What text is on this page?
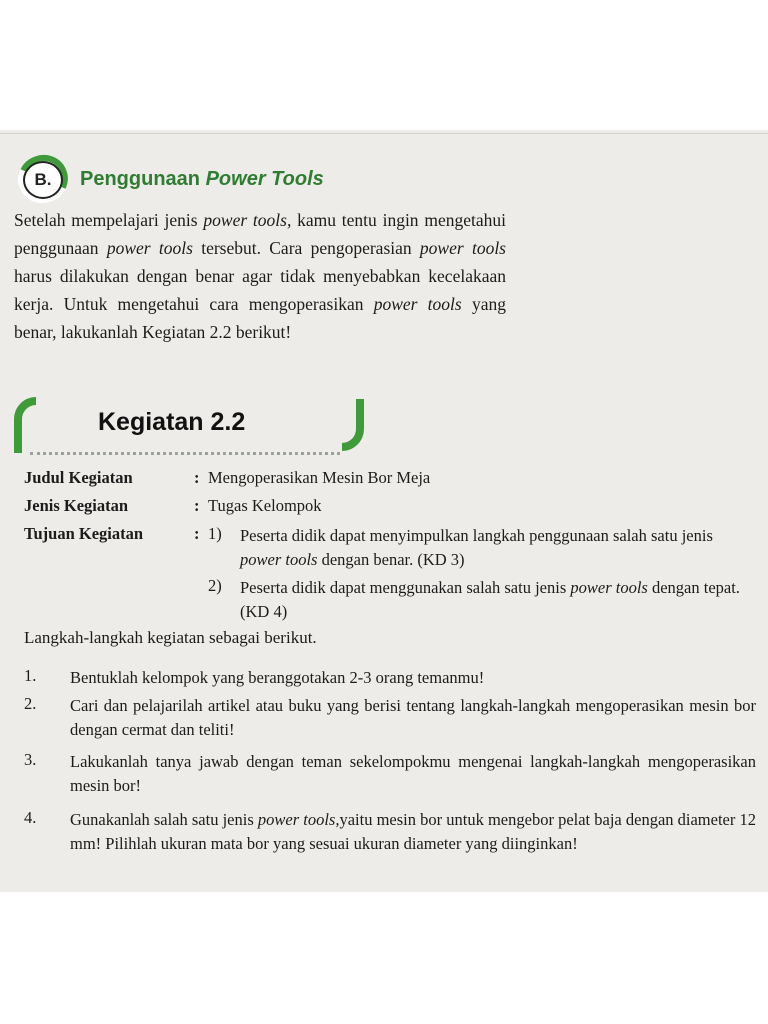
B.	Penggunaan Power Tools
Setelah mempelajari jenis power tools, kamu tentu ingin mengetahui penggunaan power tools tersebut. Cara pengoperasian power tools harus dilakukan dengan benar agar tidak menyebabkan kecelakaan kerja. Untuk mengetahui cara mengoperasikan power tools yang benar, lakukanlah Kegiatan 2.2 berikut!
Kegiatan 2.2
Judul Kegiatan	: Mengoperasikan Mesin Bor Meja
Jenis Kegiatan	: Tugas Kelompok
Tujuan Kegiatan	: 1) Peserta didik dapat menyimpulkan langkah penggunaan salah satu jenis power tools dengan benar. (KD 3)
2) Peserta didik dapat menggunakan salah satu jenis power tools dengan tepat. (KD 4)
Langkah-langkah kegiatan sebagai berikut.
1. Bentuklah kelompok yang beranggotakan 2-3 orang temanmu!
2. Cari dan pelajarilah artikel atau buku yang berisi tentang langkah-langkah mengoperasikan mesin bor dengan cermat dan teliti!
3. Lakukanlah tanya jawab dengan teman sekelompokmu mengenai langkah-langkah mengoperasikan mesin bor!
4. Gunakanlah salah satu jenis power tools,yaitu mesin bor untuk mengebor pelat baja dengan diameter 12 mm! Pilihlah ukuran mata bor yang sesuai ukuran diameter yang diinginkan!
